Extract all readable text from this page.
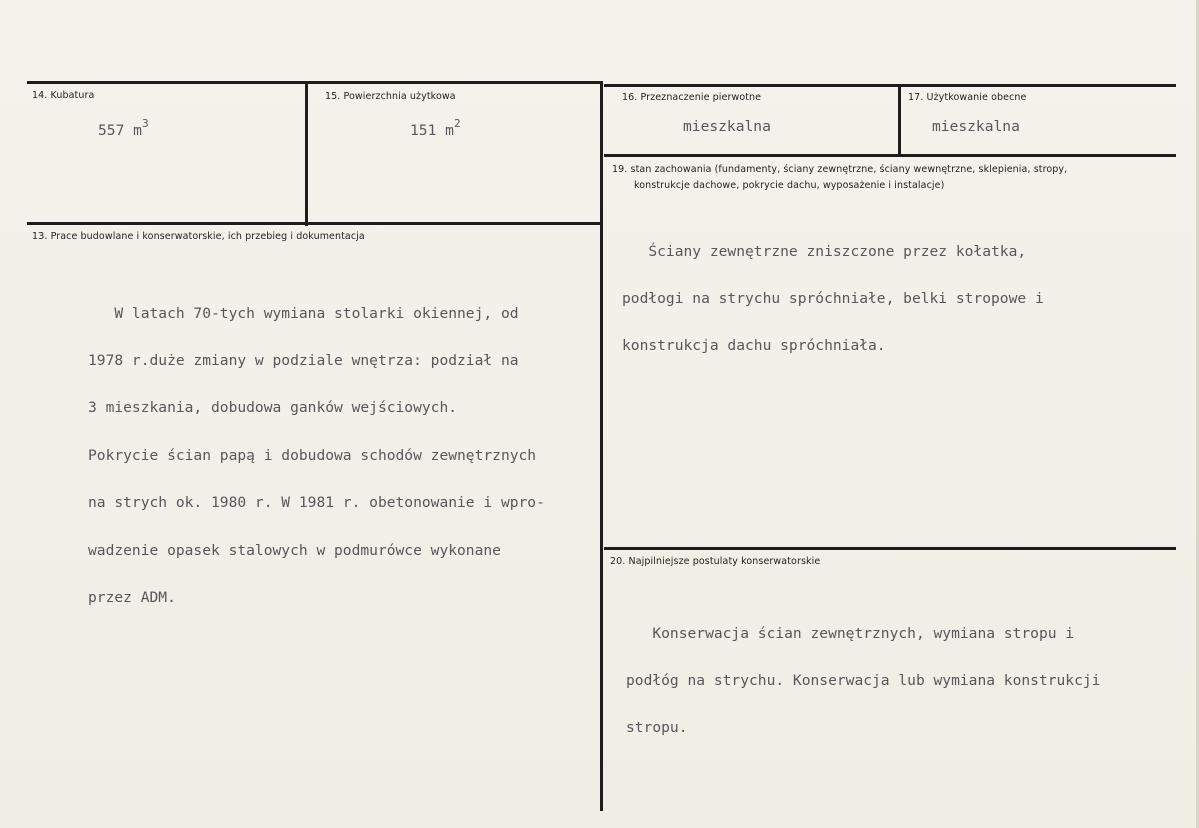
14. Kubatura
557 $m^3$
15. Powierzchnia użytkowa
151 $m^2$
16. Przeznaczenie pierwotne
mieszkalna
17. Użytkowanie obecne
mieszkalna
1З. Prace budowlane i konserwatorskie, ich przebieg i dokumentacja

W latach 70-tych wymiana stolarki okiennej, od

1978 r.duże zmiany w podziale wnętrza: podział na

3 mieszkania, dobudowa ganków wejściowych.

Pokrycie ścian papą i dobudowa schodów zewnętrznych

na strych ok. 1980 r. W 1981 r. obetonowanie i wpro-

wadzenie opasek stalowych w podmurówce wykonane

przez ADM.

19. stan zachowania (fundamenty, ściany zewnętrzne, ściany wewnętrzne, sklepienia, stropy,
konstrukcje dachowe, pokrycie dachu, wyposażenie i instalacje)

Ściany zewnętrzne zniszczone przez kołatka,

podłogi na strychu spróchniałe, belki stropowe i

konstrukcja dachu spróchniała.

20. Najpilniejsze postulaty konserwatorskie

Konserwacja ścian zewnętrznych, wymiana stropu i

podłóg na strychu. Konserwacja lub wymiana konstrukcji

stropu.
